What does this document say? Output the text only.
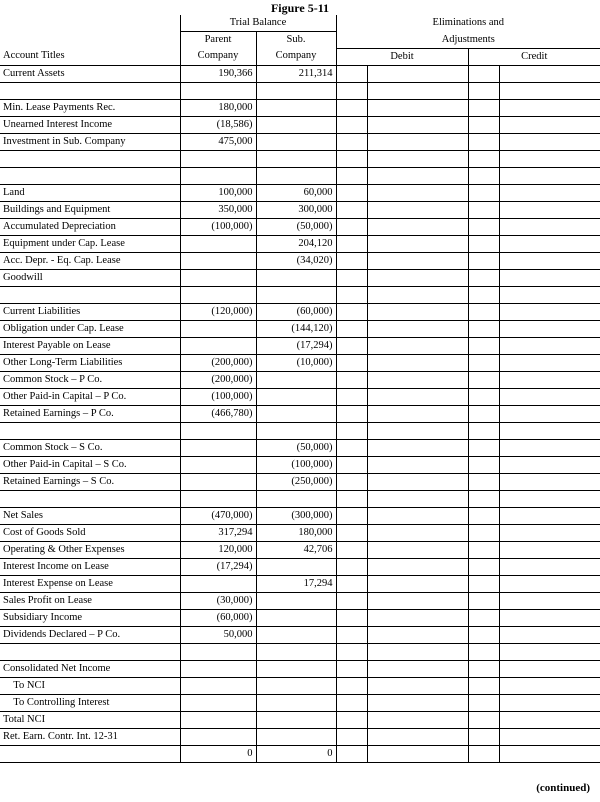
Figure 5-11
	Trial Balance		Eliminations and			
	Parent	Sub.	Adjustments			
Account Titles	Company	Company	Debit		Credit	
Current Assets	190,366	211,314				

Min. Lease Payments Rec.	180,000					
Unearned Interest Income	(18,586)					
Investment in Sub. Company	475,000					

Land	100,000	60,000				
Buildings and Equipment	350,000	300,000				
Accumulated Depreciation	(100,000)	(50,000)				
Equipment under Cap. Lease		204,120				
Acc. Depr. - Eq. Cap. Lease		(34,020)				
Goodwill						

Current Liabilities	(120,000)	(60,000)				
Obligation under Cap. Lease		(144,120)				
Interest Payable on Lease		(17,294)				
Other Long-Term Liabilities	(200,000)	(10,000)				
Common Stock – P Co.	(200,000)					
Other Paid-in Capital – P Co.	(100,000)					
Retained Earnings – P Co.	(466,780)					

Common Stock – S Co.		(50,000)				
Other Paid-in Capital – S Co.		(100,000)				
Retained Earnings – S Co.		(250,000)				

Net Sales	(470,000)	(300,000)				
Cost of Goods Sold	317,294	180,000				
Operating & Other Expenses	120,000	42,706				
Interest Income on Lease	(17,294)					
Interest Expense on Lease		17,294				
Sales Profit on Lease	(30,000)					
Subsidiary Income	(60,000)					
Dividends Declared – P Co.	50,000					

Consolidated Net Income						
To NCI						
To Controlling Interest						
Total NCI						
Ret. Earn. Contr. Int. 12-31						
	0	0				
(continued)
